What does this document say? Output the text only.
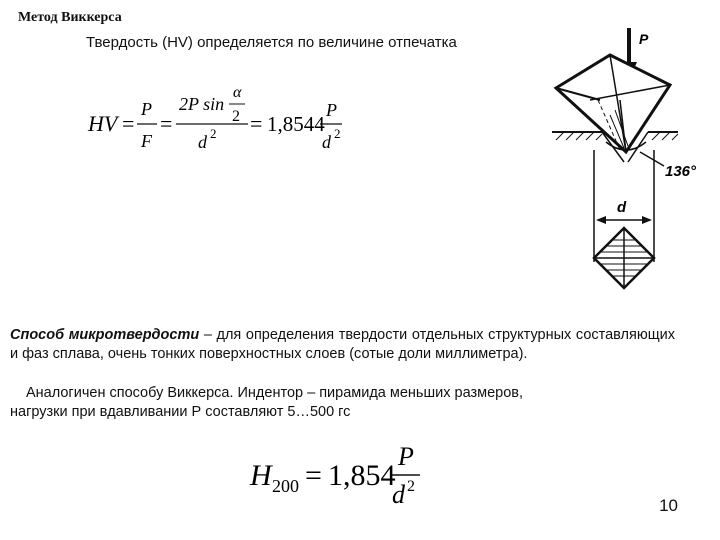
Метод Виккерса
Твердость (HV) определяется по величине отпечатка
HV =
P
F
=
2P sin
α
2
d 2 = 1,8544
P
d 2
P
136°
d
Способ микротвердости – для определения твердости отдельных структурных составляющих и фаз сплава, очень тонких поверхностных слоев (сотые доли миллиметра).
Аналогичен способу Виккерса. Индентор – пирамида меньших размеров,
нагрузки при вдавливании Р составляют 5…500 гс
H 200 = 1,854
P
d 2
10
